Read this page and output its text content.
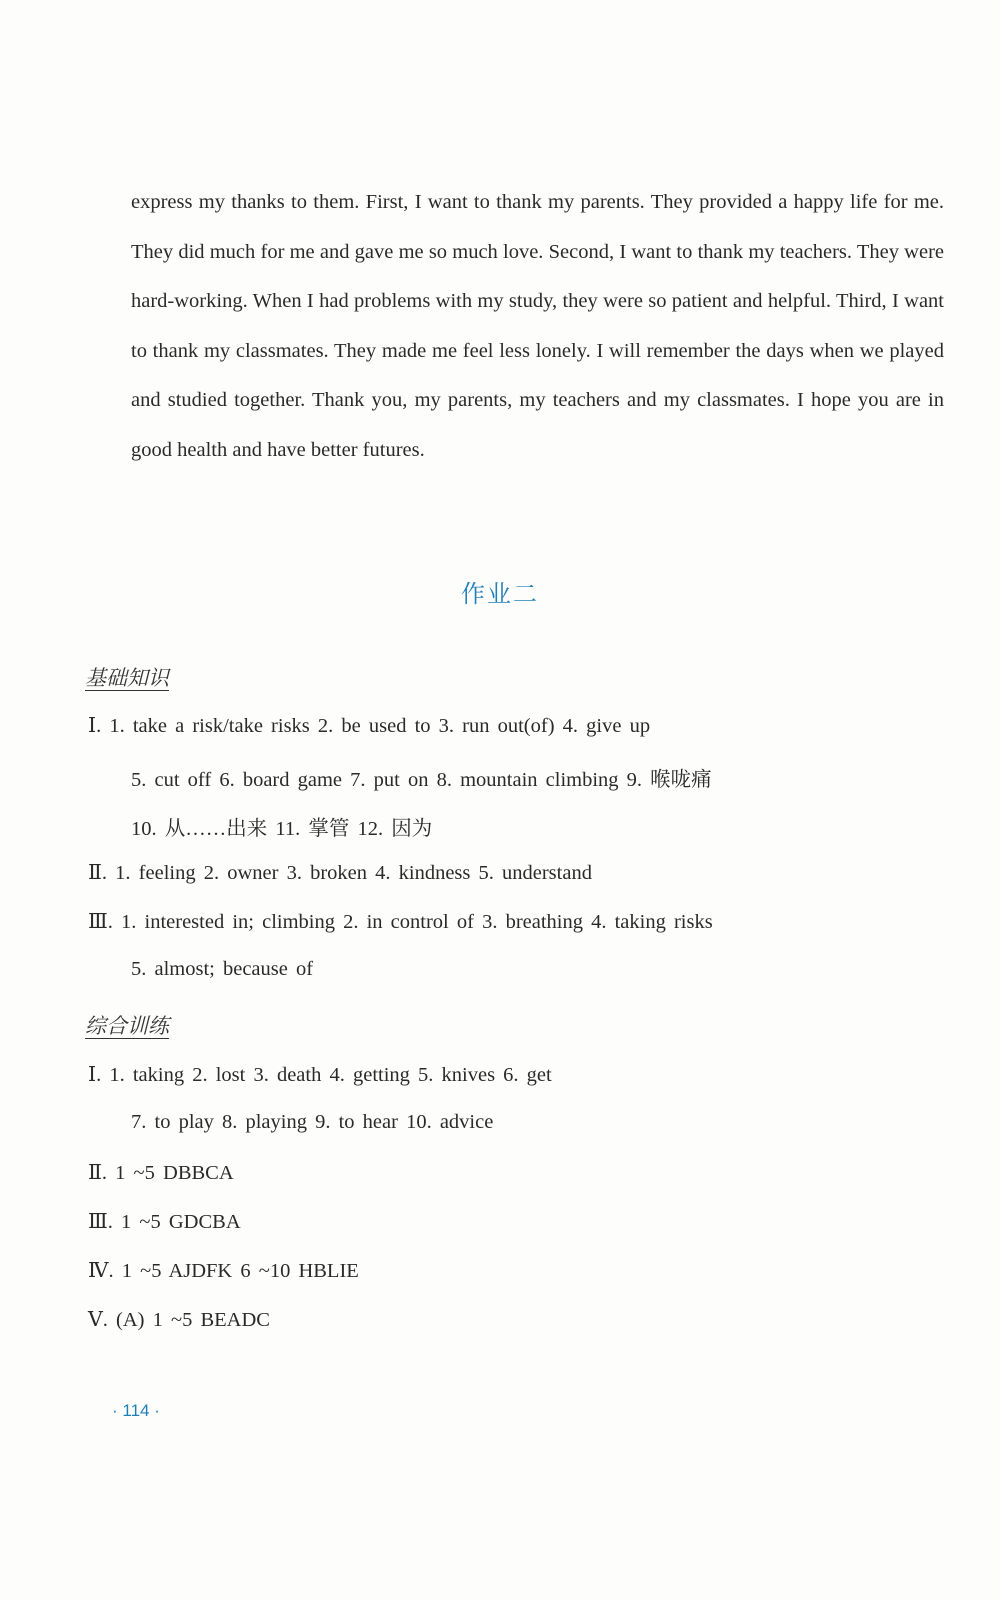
express my thanks to them. First, I want to thank my parents. They provided a happy life for me. They did much for me and gave me so much love. Second, I want to thank my teachers. They were hard-working. When I had problems with my study, they were so patient and helpful. Third, I want to thank my classmates. They made me feel less lonely. I will remember the days when we played and studied together. Thank you, my parents, my teachers and my classmates. I hope you are in good health and have better futures.

作业二
基础知识
Ⅰ. 1. take a risk/take risks 2. be used to 3. run out(of) 4. give up
5. cut off 6. board game 7. put on 8. mountain climbing 9. 喉咙痛
10. 从……出来 11. 掌管 12. 因为
Ⅱ. 1. feeling 2. owner 3. broken 4. kindness 5. understand
Ⅲ. 1. interested in; climbing 2. in control of 3. breathing 4. taking risks
5. almost; because of
综合训练
Ⅰ. 1. taking 2. lost 3. death 4. getting 5. knives 6. get
7. to play 8. playing 9. to hear 10. advice
Ⅱ. 1 ~5 DBBCA
Ⅲ. 1 ~5 GDCBA
Ⅳ. 1 ~5 AJDFK 6 ~10 HBLIE
Ⅴ. (A) 1 ~5 BEADC
· 114 ·
